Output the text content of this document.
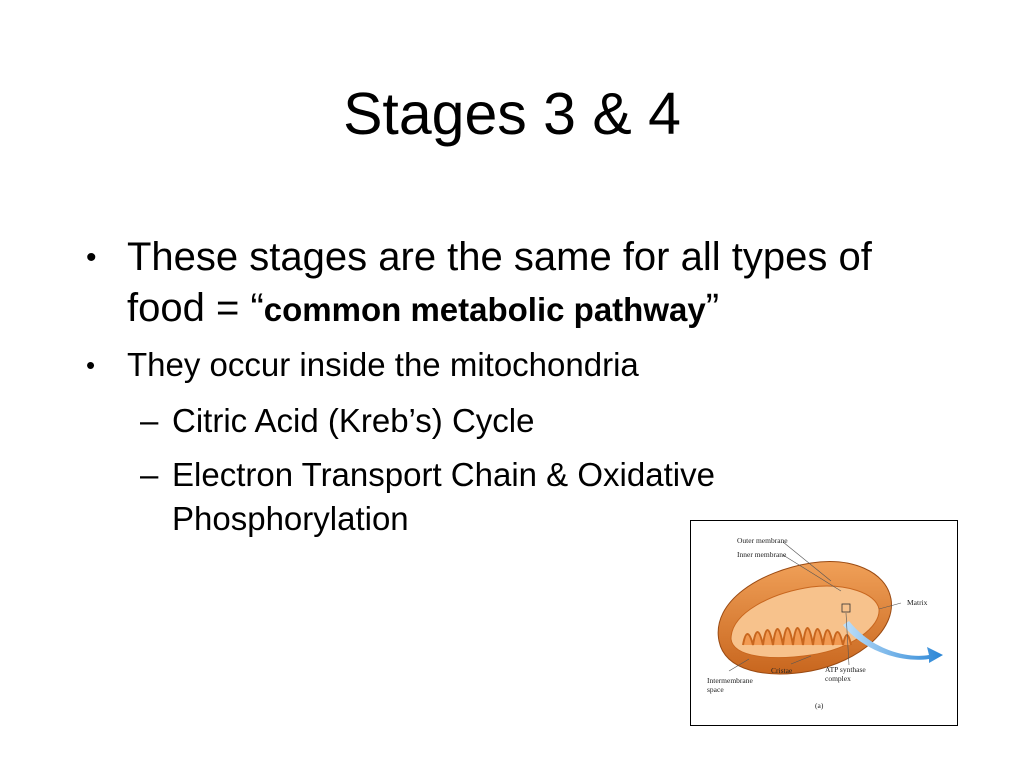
Stages 3 & 4
• These stages are the same for all types of food = “common metabolic pathway”
• They occur inside the mitochondria
– Citric Acid (Kreb’s) Cycle
– Electron Transport Chain & Oxidative Phosphorylation
Outer membrane
Inner membrane
Matrix
Cristae	ATP synthase complex
Intermembrane space
(a)
